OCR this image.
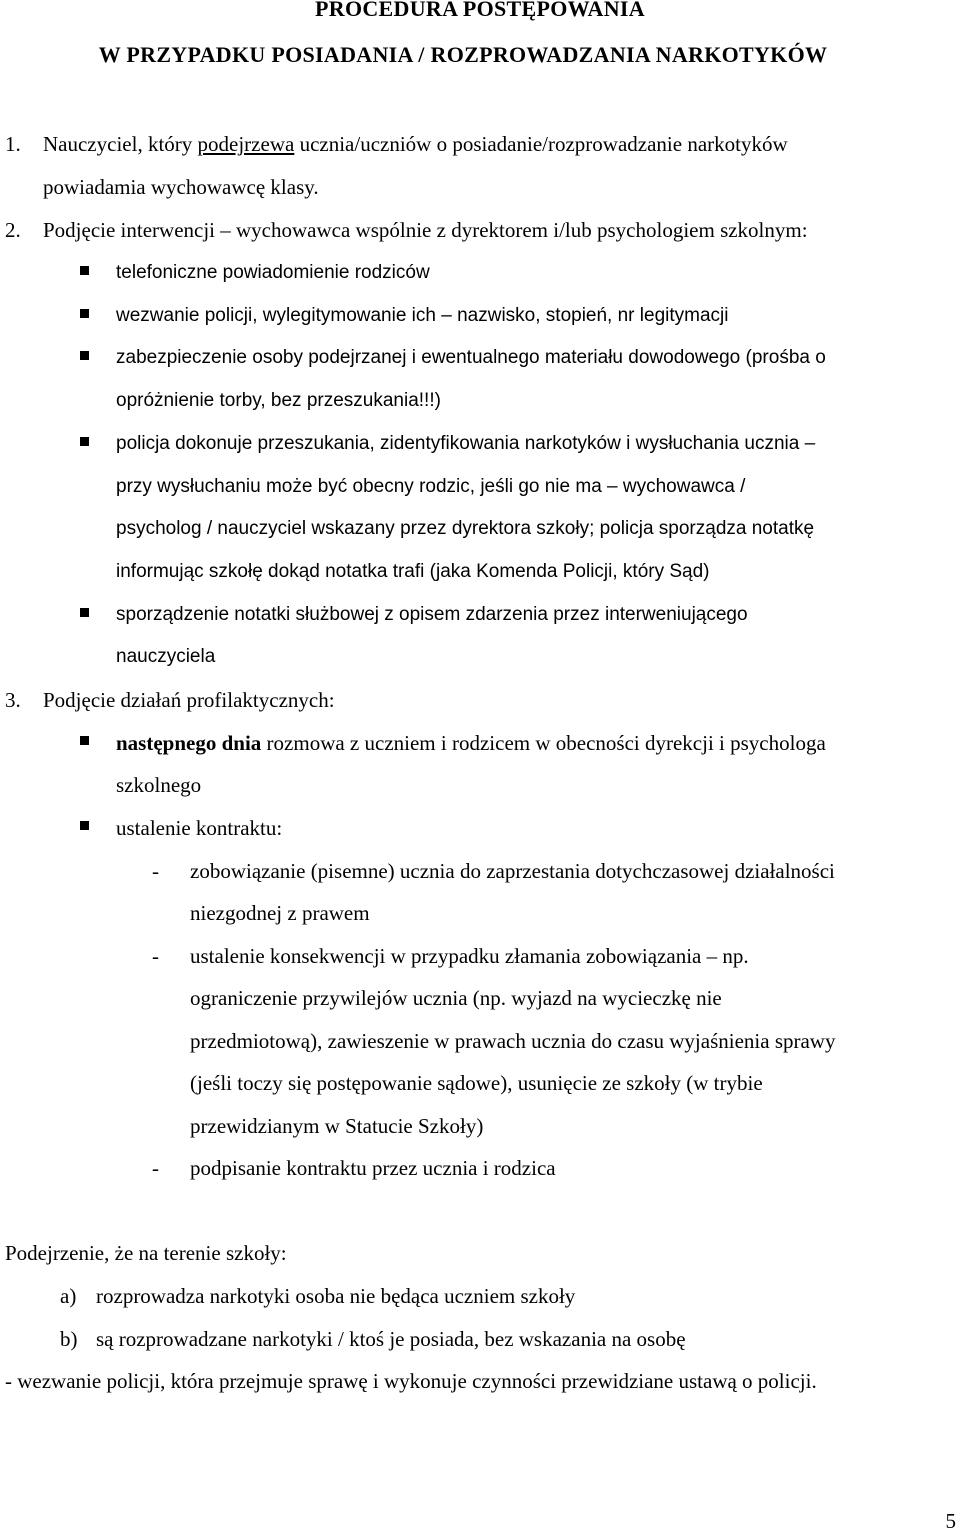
PROCEDURA POSTĘPOWANIA
W PRZYPADKU POSIADANIA / ROZPROWADZANIA NARKOTYKÓW
1. Nauczyciel, który podejrzewa ucznia/uczniów o posiadanie/rozprowadzanie narkotyków
powiadamia wychowawcę klasy.
2. Podjęcie interwencji – wychowawca wspólnie z dyrektorem i/lub psychologiem szkolnym:
telefoniczne powiadomienie rodziców
wezwanie policji, wylegitymowanie ich – nazwisko, stopień, nr legitymacji
zabezpieczenie osoby podejrzanej i ewentualnego materiału dowodowego (prośba o
opróżnienie torby, bez przeszukania!!!)
policja dokonuje przeszukania, zidentyfikowania narkotyków i wysłuchania ucznia –
przy wysłuchaniu może być obecny rodzic, jeśli go nie ma – wychowawca /
psycholog / nauczyciel wskazany przez dyrektora szkoły; policja sporządza notatkę
informując szkołę dokąd notatka trafi (jaka Komenda Policji, który Sąd)
sporządzenie notatki służbowej z opisem zdarzenia przez interweniującego
nauczyciela
3. Podjęcie działań profilaktycznych:
następnego dnia rozmowa z uczniem i rodzicem w obecności dyrekcji i psychologa
szkolnego
ustalenie kontraktu:
- zobowiązanie (pisemne) ucznia do zaprzestania dotychczasowej działalności
niezgodnej z prawem
- ustalenie konsekwencji w przypadku złamania zobowiązania – np.
ograniczenie przywilejów ucznia (np. wyjazd na wycieczkę nie
przedmiotową), zawieszenie w prawach ucznia do czasu wyjaśnienia sprawy
(jeśli toczy się postępowanie sądowe), usunięcie ze szkoły (w trybie
przewidzianym w Statucie Szkoły)
- podpisanie kontraktu przez ucznia i rodzica
Podejrzenie, że na terenie szkoły:
a) rozprowadza narkotyki osoba nie będąca uczniem szkoły
b) są rozprowadzane narkotyki / ktoś je posiada, bez wskazania na osobę
- wezwanie policji, która przejmuje sprawę i wykonuje czynności przewidziane ustawą o policji.
5
